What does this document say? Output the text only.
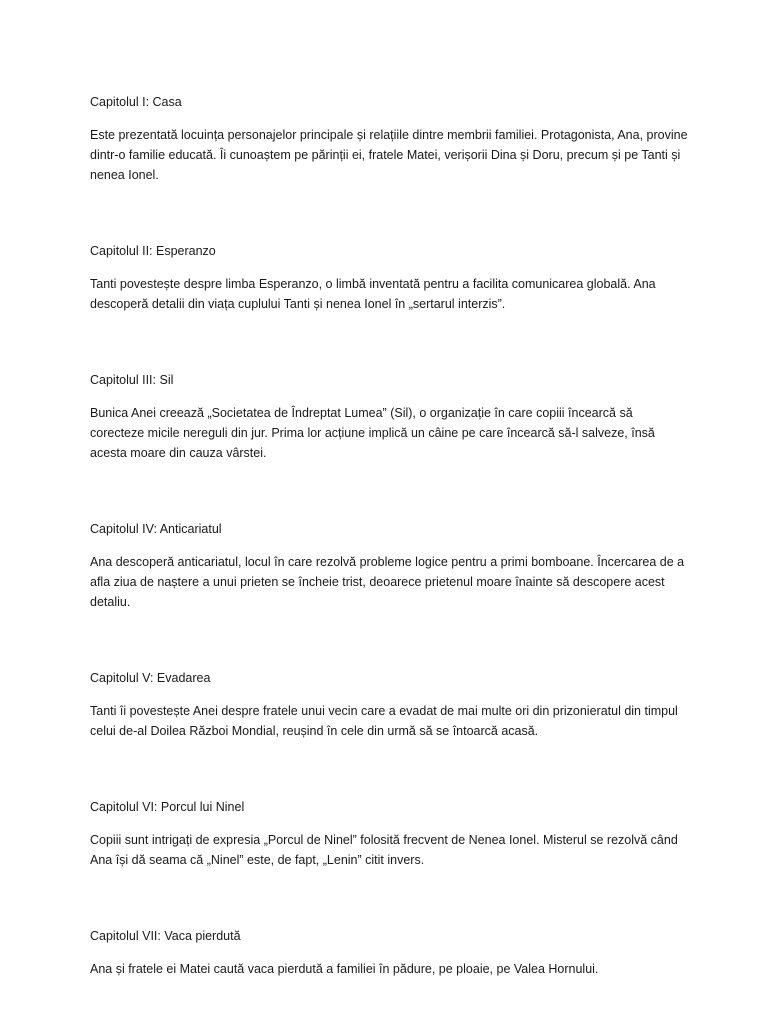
Capitolul I: Casa

Este prezentată locuința personajelor principale și relațiile dintre membrii familiei. Protagonista, Ana, provine dintr-o familie educată. Îi cunoaștem pe părinții ei, fratele Matei, verișorii Dina și Doru, precum și pe Tanti și nenea Ionel.

Capitolul II: Esperanzo

Tanti povestește despre limba Esperanzo, o limbă inventată pentru a facilita comunicarea globală. Ana descoperă detalii din viața cuplului Tanti și nenea Ionel în „sertarul interzis”.

Capitolul III: Sil

Bunica Anei creează „Societatea de Îndreptat Lumea” (Sil), o organizație în care copiii încearcă să corecteze micile nereguli din jur. Prima lor acțiune implică un câine pe care încearcă să-l salveze, însă acesta moare din cauza vârstei.

Capitolul IV: Anticariatul

Ana descoperă anticariatul, locul în care rezolvă probleme logice pentru a primi bomboane. Încercarea de a afla ziua de naștere a unui prieten se încheie trist, deoarece prietenul moare înainte să descopere acest detaliu.

Capitolul V: Evadarea

Tanti îi povestește Anei despre fratele unui vecin care a evadat de mai multe ori din prizonieratul din timpul celui de-al Doilea Război Mondial, reușind în cele din urmă să se întoarcă acasă.

Capitolul VI: Porcul lui Ninel

Copiii sunt intrigați de expresia „Porcul de Ninel” folosită frecvent de Nenea Ionel. Misterul se rezolvă când Ana își dă seama că „Ninel” este, de fapt, „Lenin” citit invers.

Capitolul VII: Vaca pierdută

Ana și fratele ei Matei caută vaca pierdută a familiei în pădure, pe ploaie, pe Valea Hornului.
